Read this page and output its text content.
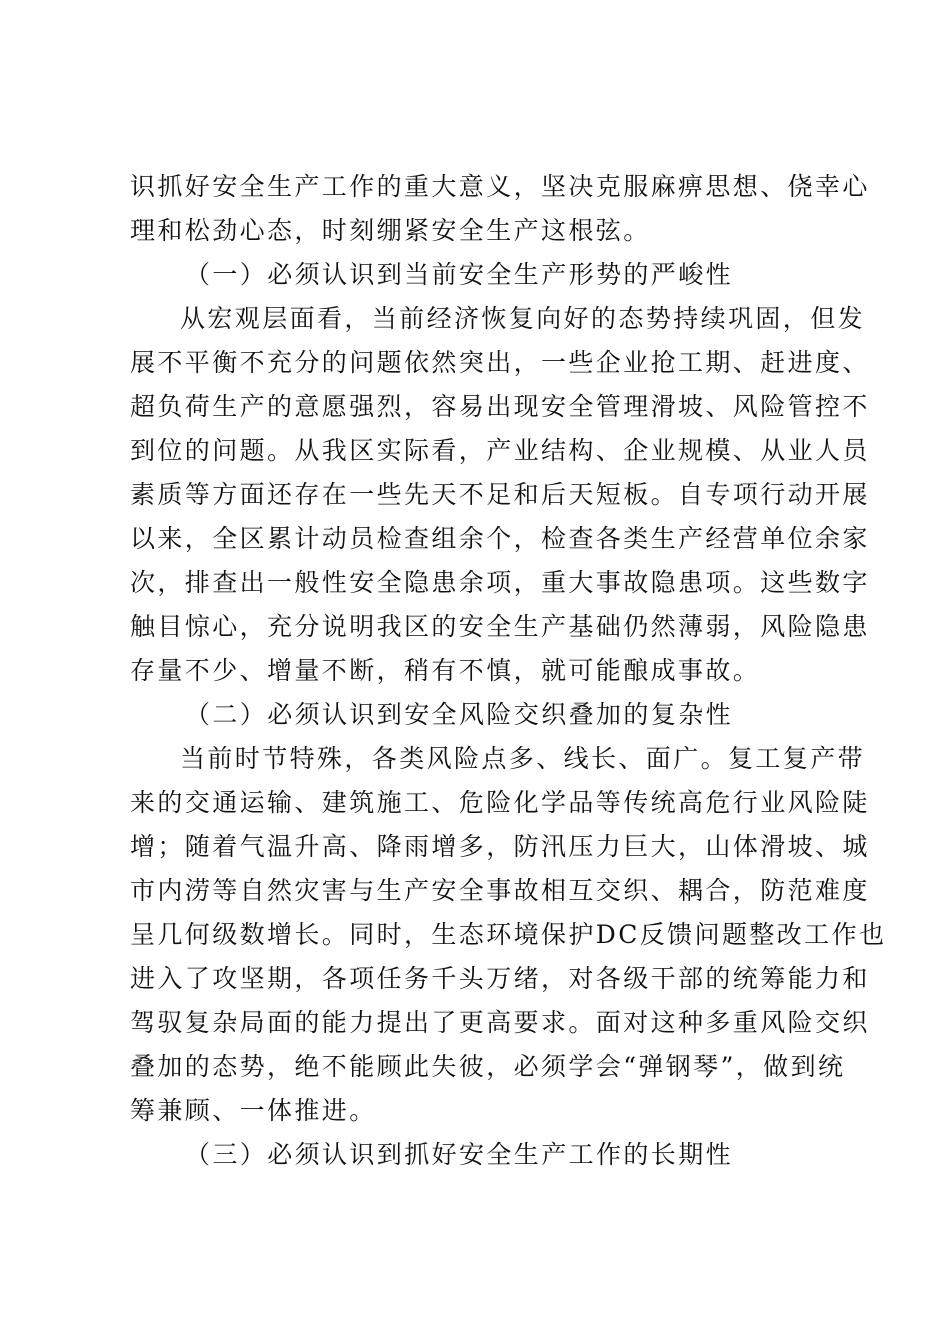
识抓好安全生产工作的重大意义，坚决克服麻痹思想、侥幸心
理和松劲心态，时刻绷紧安全生产这根弦。
（一）必须认识到当前安全生产形势的严峻性
从宏观层面看，当前经济恢复向好的态势持续巩固，但发
展不平衡不充分的问题依然突出，一些企业抢工期、赶进度、
超负荷生产的意愿强烈，容易出现安全管理滑坡、风险管控不
到位的问题。从我区实际看，产业结构、企业规模、从业人员
素质等方面还存在一些先天不足和后天短板。自专项行动开展
以来，全区累计动员检查组余个，检查各类生产经营单位余家
次，排查出一般性安全隐患余项，重大事故隐患项。这些数字
触目惊心，充分说明我区的安全生产基础仍然薄弱，风险隐患
存量不少、增量不断，稍有不慎，就可能酿成事故。
（二）必须认识到安全风险交织叠加的复杂性
当前时节特殊，各类风险点多、线长、面广。复工复产带
来的交通运输、建筑施工、危险化学品等传统高危行业风险陡
增；随着气温升高、降雨增多，防汛压力巨大，山体滑坡、城
市内涝等自然灾害与生产安全事故相互交织、耦合，防范难度
呈几何级数增长。同时，生态环境保护DC反馈问题整改工作也
进入了攻坚期，各项任务千头万绪，对各级干部的统筹能力和
驾驭复杂局面的能力提出了更高要求。面对这种多重风险交织
叠加的态势，绝不能顾此失彼，必须学会“弹钢琴”，做到统
筹兼顾、一体推进。
（三）必须认识到抓好安全生产工作的长期性
